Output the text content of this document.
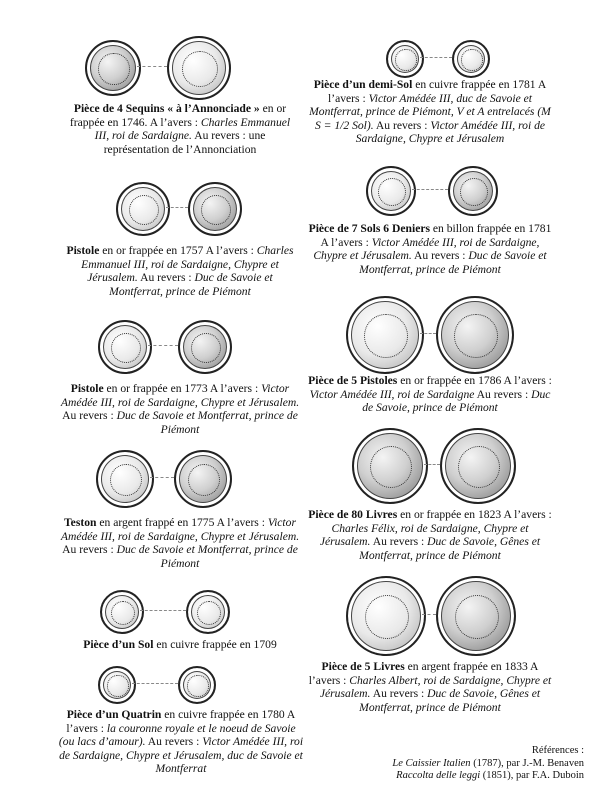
Pièce de 4 Sequins « à l’Annonciade » en or frappée en 1746. A l’avers : Charles Emmanuel III, roi de Sardaigne. Au revers : une représentation de l’Annonciation

Pistole en or frappée en 1757 A l’avers : Charles Emmanuel III, roi de Sardaigne, Chypre et Jérusalem. Au revers : Duc de Savoie et Montferrat, prince de Piémont

Pistole en or frappée en 1773 A l’avers : Victor Amédée III, roi de Sardaigne, Chypre et Jérusalem. Au revers : Duc de Savoie et Montferrat, prince de Piémont

Teston en argent frappé en 1775 A l’avers : Victor Amédée III, roi de Sardaigne, Chypre et Jérusalem. Au revers : Duc de Savoie et Montferrat, prince de Piémont

Pièce d’un Sol en cuivre frappée en 1709

Pièce d’un Quatrin en cuivre frappée en 1780 A l’avers : la couronne royale et le noeud de Savoie (ou lacs d’amour). Au revers : Victor Amédée III, roi de Sardaigne, Chypre et Jérusalem, duc de Savoie et Montferrat

Pièce d’un demi-Sol en cuivre frappée en 1781 A l’avers : Victor Amédée III, duc de Savoie et Montferrat, prince de Piémont, V et A entrelacés (M S = 1/2 Sol). Au revers : Victor Amédée III, roi de Sardaigne, Chypre et Jérusalem

Pièce de 7 Sols 6 Deniers en billon frappée en 1781 A l’avers : Victor Amédée III, roi de Sardaigne, Chypre et Jérusalem. Au revers : Duc de Savoie et Montferrat, prince de Piémont

Pièce de 5 Pistoles en or frappée en 1786 A l’avers : Victor Amédée III, roi de Sardaigne Au revers : Duc de Savoie, prince de Piémont

Pièce de 80 Livres en or frappée en 1823 A l’avers : Charles Félix, roi de Sardaigne, Chypre et Jérusalem. Au revers : Duc de Savoie, Gênes et Montferrat, prince de Piémont

Pièce de 5 Livres en argent frappée en 1833 A l’avers : Charles Albert, roi de Sardaigne, Chypre et Jérusalem. Au revers : Duc de Savoie, Gênes et Montferrat, prince de Piémont

Références :
Le Caissier Italien (1787), par J.-M. Benaven
Raccolta delle leggi (1851), par F.A. Duboin
